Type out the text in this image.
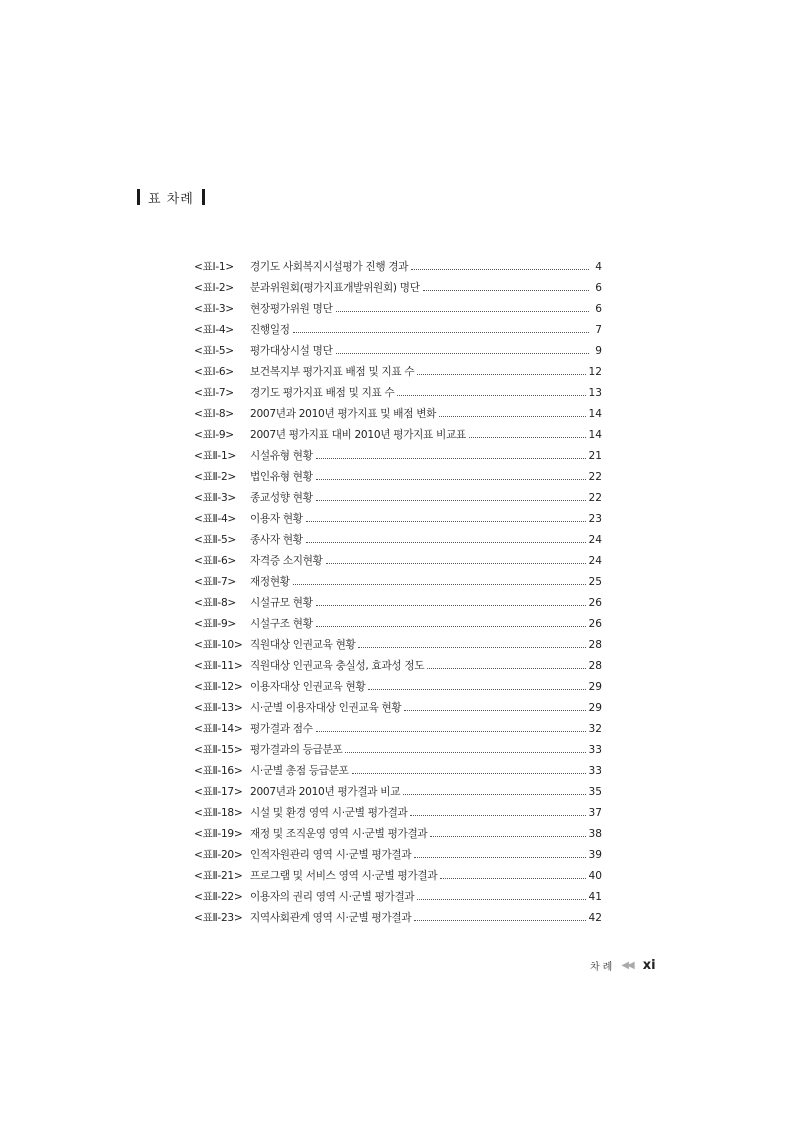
표 차례
<표Ⅰ-1>	경기도 사회복지시설평가 진행 경과	4
<표Ⅰ-2>	분과위원회(평가지표개발위원회) 명단	6
<표Ⅰ-3>	현장평가위원 명단	6
<표Ⅰ-4>	진행일정	7
<표Ⅰ-5>	평가대상시설 명단	9
<표Ⅰ-6>	보건복지부 평가지표 배점 및 지표 수	12
<표Ⅰ-7>	경기도 평가지표 배점 및 지표 수	13
<표Ⅰ-8>	2007년과 2010년 평가지표 및 배점 변화	14
<표Ⅰ-9>	2007년 평가지표 대비 2010년 평가지표 비교표	14
<표Ⅱ-1>	시설유형 현황	21
<표Ⅱ-2>	법인유형 현황	22
<표Ⅱ-3>	종교성향 현황	22
<표Ⅱ-4>	이용자 현황	23
<표Ⅱ-5>	종사자 현황	24
<표Ⅱ-6>	자격증 소지현황	24
<표Ⅱ-7>	재정현황	25
<표Ⅱ-8>	시설규모 현황	26
<표Ⅱ-9>	시설구조 현황	26
<표Ⅱ-10> 직원대상 인권교육 현황	28
<표Ⅱ-11> 직원대상 인권교육 충실성, 효과성 정도	28
<표Ⅱ-12> 이용자대상 인권교육 현황	29
<표Ⅱ-13> 시·군별 이용자대상 인권교육 현황	29
<표Ⅱ-14> 평가결과 점수	32
<표Ⅱ-15> 평가결과의 등급분포	33
<표Ⅱ-16> 시·군별 총점 등급분포	33
<표Ⅱ-17> 2007년과 2010년 평가결과 비교	35
<표Ⅱ-18> 시설 및 환경 영역 시·군별 평가결과	37
<표Ⅱ-19> 재정 및 조직운영 영역 시·군별 평가결과	38
<표Ⅱ-20> 인적자원관리 영역 시·군별 평가결과	39
<표Ⅱ-21> 프로그램 및 서비스 영역 시·군별 평가결과	40
<표Ⅱ-22> 이용자의 권리 영역 시·군별 평가결과	41
<표Ⅱ-23> 지역사회관계 영역 시·군별 평가결과	42
차례 ◀◀ xi
